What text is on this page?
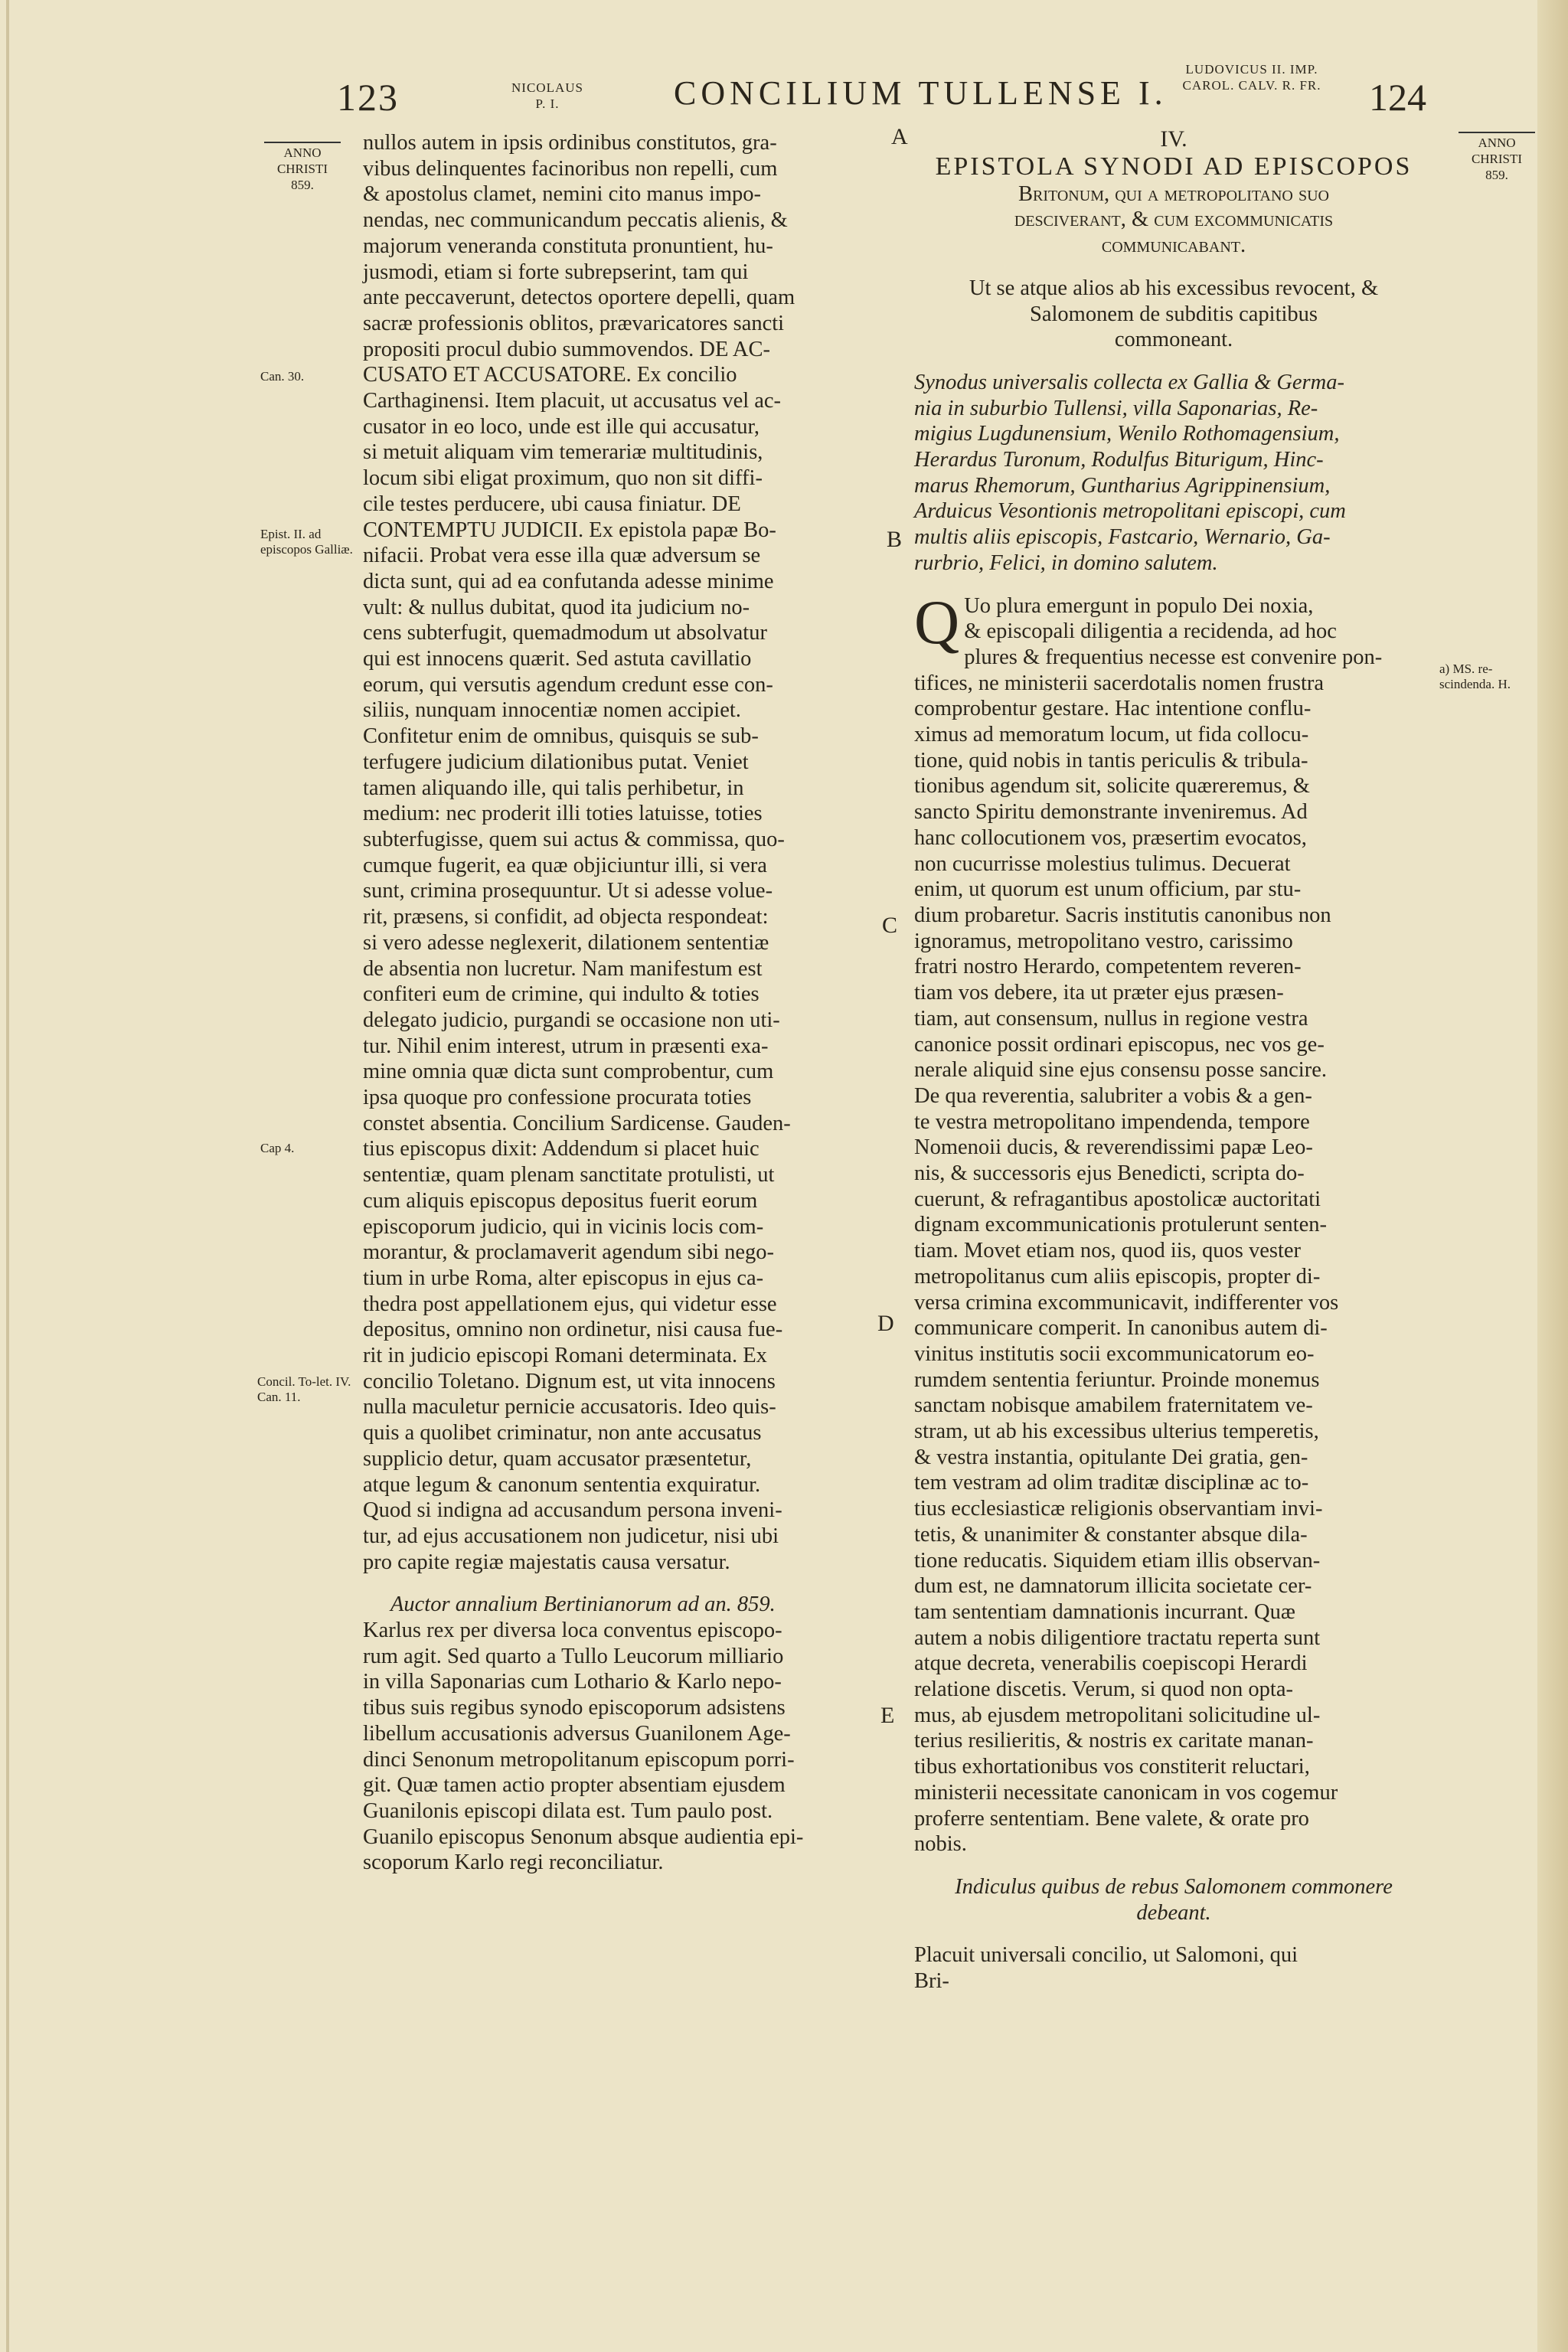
123	NICOLAUS
P. I.	CONCILIUM TULLENSE I.
LUDOVICUS II. IMP.
CAROL. CALV. R. FR.	124
ANNO
CHRISTI
859.
ANNO
CHRISTI
859.
Can. 30.
Epist. II. ad episcopos Galliæ.
Cap 4.
Concil. To-let. IV. Can. 11.
A
B
C
D
E
a) MS. re-
scindenda. H.
nullos autem in ipsis ordinibus constitutos, gra-
vibus delinquentes facinoribus non repelli, cum
& apostolus clamet, nemini cito manus impo-
nendas, nec communicandum peccatis alienis, &
majorum veneranda constituta pronuntient, hu-
jusmodi, etiam si forte subrepserint, tam qui
ante peccaverunt, detectos oportere depelli, quam
sacræ professionis oblitos, prævaricatores sancti
propositi procul dubio summovendos. DE AC-
CUSATO ET ACCUSATORE. Ex concilio
Carthaginensi. Item placuit, ut accusatus vel ac-
cusator in eo loco, unde est ille qui accusatur,
si metuit aliquam vim temerariæ multitudinis,
locum sibi eligat proximum, quo non sit diffi-
cile testes perducere, ubi causa finiatur. DE
CONTEMPTU JUDICII. Ex epistola papæ Bo-
nifacii. Probat vera esse illa quæ adversum se
dicta sunt, qui ad ea confutanda adesse minime
vult: & nullus dubitat, quod ita judicium no-
cens subterfugit, quemadmodum ut absolvatur
qui est innocens quærit. Sed astuta cavillatio
eorum, qui versutis agendum credunt esse con-
siliis, nunquam innocentiæ nomen accipiet.
Confitetur enim de omnibus, quisquis se sub-
terfugere judicium dilationibus putat. Veniet
tamen aliquando ille, qui talis perhibetur, in
medium: nec proderit illi toties latuisse, toties
subterfugisse, quem sui actus & commissa, quo-
cumque fugerit, ea quæ objiciuntur illi, si vera
sunt, crimina prosequuntur. Ut si adesse volue-
rit, præsens, si confidit, ad objecta respondeat:
si vero adesse neglexerit, dilationem sententiæ
de absentia non lucretur. Nam manifestum est
confiteri eum de crimine, qui indulto & toties
delegato judicio, purgandi se occasione non uti-
tur. Nihil enim interest, utrum in præsenti exa-
mine omnia quæ dicta sunt comprobentur, cum
ipsa quoque pro confessione procurata toties
constet absentia. Concilium Sardicense. Gauden-
tius episcopus dixit: Addendum si placet huic
sententiæ, quam plenam sanctitate protulisti, ut
cum aliquis episcopus depositus fuerit eorum
episcoporum judicio, qui in vicinis locis com-
morantur, & proclamaverit agendum sibi nego-
tium in urbe Roma, alter episcopus in ejus ca-
thedra post appellationem ejus, qui videtur esse
depositus, omnino non ordinetur, nisi causa fue-
rit in judicio episcopi Romani determinata. Ex
concilio Toletano. Dignum est, ut vita innocens
nulla maculetur pernicie accusatoris. Ideo quis-
quis a quolibet criminatur, non ante accusatus
supplicio detur, quam accusator præsentetur,
atque legum & canonum sententia exquiratur.
Quod si indigna ad accusandum persona inveni-
tur, ad ejus accusationem non judicetur, nisi ubi
pro capite regiæ majestatis causa versatur.

Auctor annalium Bertinianorum ad an. 859.

Karlus rex per diversa loca conventus episcopo-
rum agit. Sed quarto a Tullo Leucorum milliario
in villa Saponarias cum Lothario & Karlo nepo-
tibus suis regibus synodo episcoporum adsistens
libellum accusationis adversus Guanilonem Age-
dinci Senonum metropolitanum episcopum porri-
git. Quæ tamen actio propter absentiam ejusdem
Guanilonis episcopi dilata est. Tum paulo post.
Guanilo episcopus Senonum absque audientia epi-
scoporum Karlo regi reconciliatur.

IV.

EPISTOLA SYNODI AD EPISCOPOS

Britonum, qui a metropolitano suo
desciverant, & cum excommunicatis
communicabant.
Ut se atque alios ab his excessibus revocent, &
Salomonem de subditis capitibus
commoneant.
Synodus universalis collecta ex Gallia & Germa-
nia in suburbio Tullensi, villa Saponarias, Re-
migius Lugdunensium, Wenilo Rothomagensium,
Herardus Turonum, Rodulfus Biturigum, Hinc-
marus Rhemorum, Guntharius Agrippinensium,
Arduicus Vesontionis metropolitani episcopi, cum
multis aliis episcopis, Fastcario, Wernario, Ga-
rurbrio, Felici, in domino salutem.
Q Uo plura emergunt in populo Dei noxia,
& episcopali diligentia a recidenda, ad hoc
plures & frequentius necesse est convenire pon-
tifices, ne ministerii sacerdotalis nomen frustra
comprobentur gestare. Hac intentione conflu-
ximus ad memoratum locum, ut fida collocu-
tione, quid nobis in tantis periculis & tribula-
tionibus agendum sit, solicite quæreremus, &
sancto Spiritu demonstrante inveniremus. Ad
hanc collocutionem vos, præsertim evocatos,
non cucurrisse molestius tulimus. Decuerat
enim, ut quorum est unum officium, par stu-
dium probaretur. Sacris institutis canonibus non
ignoramus, metropolitano vestro, carissimo
fratri nostro Herardo, competentem reveren-
tiam vos debere, ita ut præter ejus præsen-
tiam, aut consensum, nullus in regione vestra
canonice possit ordinari episcopus, nec vos ge-
nerale aliquid sine ejus consensu posse sancire.
De qua reverentia, salubriter a vobis & a gen-
te vestra metropolitano impendenda, tempore
Nomenoii ducis, & reverendissimi papæ Leo-
nis, & successoris ejus Benedicti, scripta do-
cuerunt, & refragantibus apostolicæ auctoritati
dignam excommunicationis protulerunt senten-
tiam. Movet etiam nos, quod iis, quos vester
metropolitanus cum aliis episcopis, propter di-
versa crimina excommunicavit, indifferenter vos
communicare comperit. In canonibus autem di-
vinitus institutis socii excommunicatorum eo-
rumdem sententia feriuntur. Proinde monemus
sanctam nobisque amabilem fraternitatem ve-
stram, ut ab his excessibus ulterius temperetis,
& vestra instantia, opitulante Dei gratia, gen-
tem vestram ad olim traditæ disciplinæ ac to-
tius ecclesiasticæ religionis observantiam invi-
tetis, & unanimiter & constanter absque dila-
tione reducatis. Siquidem etiam illis observan-
dum est, ne damnatorum illicita societate cer-
tam sententiam damnationis incurrant. Quæ
autem a nobis diligentiore tractatu reperta sunt
atque decreta, venerabilis coepiscopi Herardi
relatione discetis. Verum, si quod non opta-
mus, ab ejusdem metropolitani solicitudine ul-
terius resilieritis, & nostris ex caritate manan-
tibus exhortationibus vos constiterit reluctari,
ministerii necessitate canonicam in vos cogemur
proferre sententiam. Bene valete, & orate pro
nobis.
Indiculus quibus de rebus Salomonem commonere
debeant.
Placuit universali concilio, ut Salomoni, qui
Bri-
